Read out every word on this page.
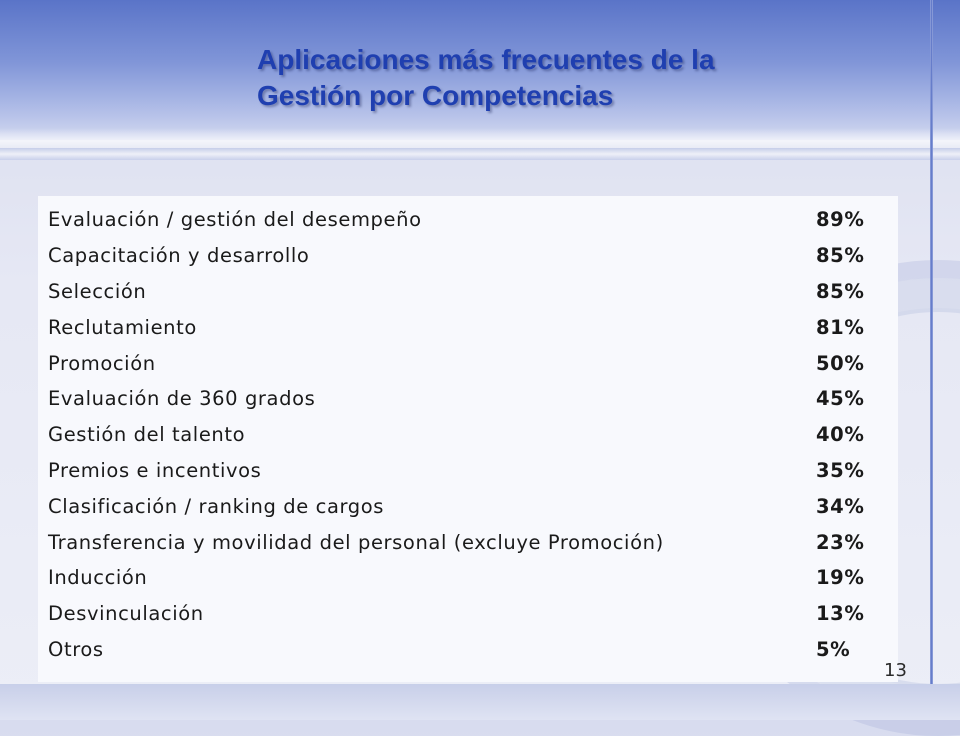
Aplicaciones más frecuentes de la
Gestión por Competencias
Evaluación / gestión del desempeño	89%
Capacitación y desarrollo	85%
Selección	85%
Reclutamiento	81%
Promoción	50%
Evaluación de 360 grados	45%
Gestión del talento	40%
Premios e incentivos	35%
Clasificación / ranking de cargos	34%
Transferencia y movilidad del personal (excluye Promoción)	23%
Inducción	19%
Desvinculación	13%
Otros	5%
13
